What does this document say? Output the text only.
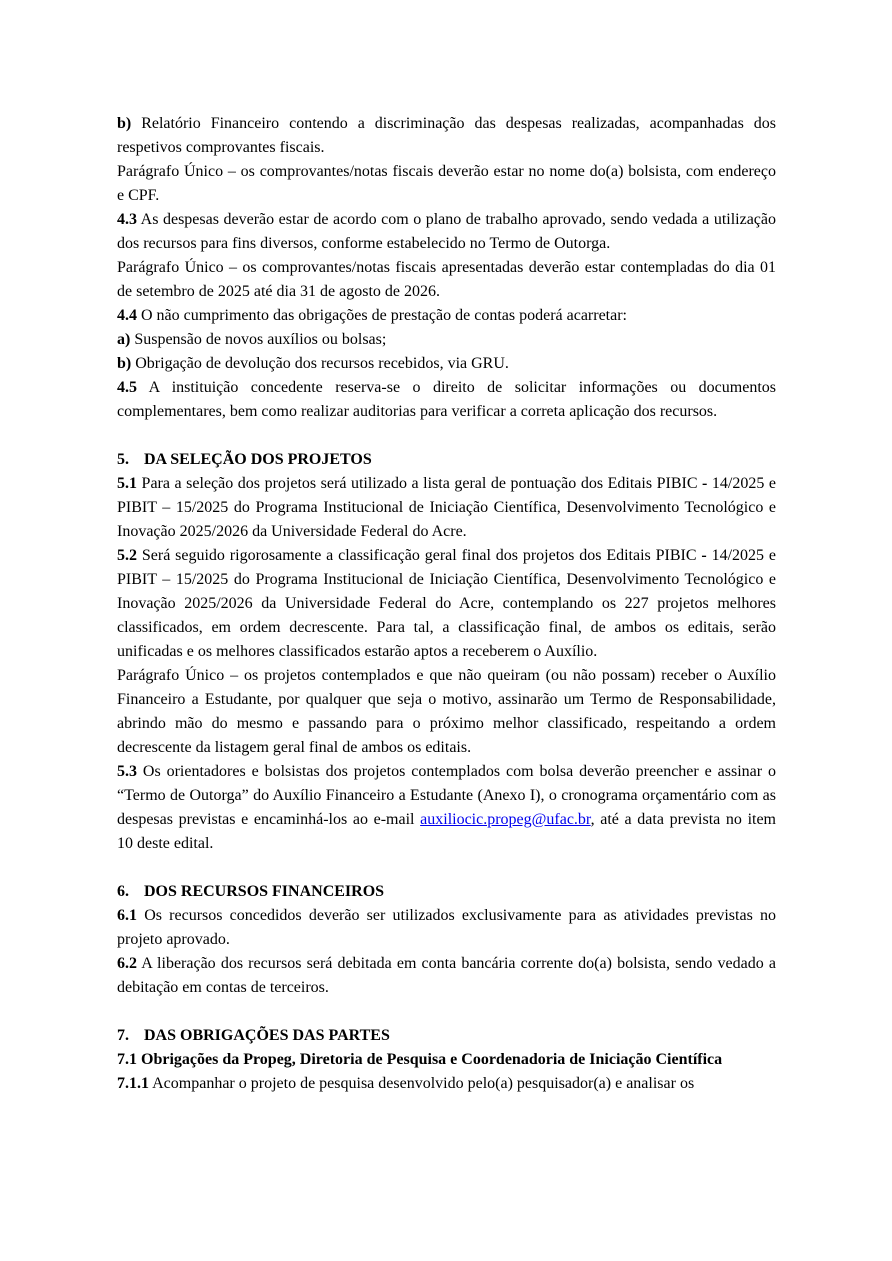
b) Relatório Financeiro contendo a discriminação das despesas realizadas, acompanhadas dos respetivos comprovantes fiscais.

Parágrafo Único – os comprovantes/notas fiscais deverão estar no nome do(a) bolsista, com endereço e CPF.

4.3 As despesas deverão estar de acordo com o plano de trabalho aprovado, sendo vedada a utilização dos recursos para fins diversos, conforme estabelecido no Termo de Outorga.

Parágrafo Único – os comprovantes/notas fiscais apresentadas deverão estar contempladas do dia 01 de setembro de 2025 até dia 31 de agosto de 2026.

4.4 O não cumprimento das obrigações de prestação de contas poderá acarretar:

a) Suspensão de novos auxílios ou bolsas;

b) Obrigação de devolução dos recursos recebidos, via GRU.

4.5 A instituição concedente reserva-se o direito de solicitar informações ou documentos complementares, bem como realizar auditorias para verificar a correta aplicação dos recursos.

5. DA SELEÇÃO DOS PROJETOS

5.1 Para a seleção dos projetos será utilizado a lista geral de pontuação dos Editais PIBIC - 14/2025 e PIBIT – 15/2025 do Programa Institucional de Iniciação Científica, Desenvolvimento Tecnológico e Inovação 2025/2026 da Universidade Federal do Acre.

5.2 Será seguido rigorosamente a classificação geral final dos projetos dos Editais PIBIC - 14/2025 e PIBIT – 15/2025 do Programa Institucional de Iniciação Científica, Desenvolvimento Tecnológico e Inovação 2025/2026 da Universidade Federal do Acre, contemplando os 227 projetos melhores classificados, em ordem decrescente. Para tal, a classificação final, de ambos os editais, serão unificadas e os melhores classificados estarão aptos a receberem o Auxílio.

Parágrafo Único – os projetos contemplados e que não queiram (ou não possam) receber o Auxílio Financeiro a Estudante, por qualquer que seja o motivo, assinarão um Termo de Responsabilidade, abrindo mão do mesmo e passando para o próximo melhor classificado, respeitando a ordem decrescente da listagem geral final de ambos os editais.

5.3 Os orientadores e bolsistas dos projetos contemplados com bolsa deverão preencher e assinar o “Termo de Outorga” do Auxílio Financeiro a Estudante (Anexo I), o cronograma orçamentário com as despesas previstas e encaminhá-los ao e-mail auxiliocic.propeg@ufac.br, até a data prevista no item 10 deste edital.

6. DOS RECURSOS FINANCEIROS

6.1 Os recursos concedidos deverão ser utilizados exclusivamente para as atividades previstas no projeto aprovado.

6.2 A liberação dos recursos será debitada em conta bancária corrente do(a) bolsista, sendo vedado a debitação em contas de terceiros.

7. DAS OBRIGAÇÕES DAS PARTES

7.1 Obrigações da Propeg, Diretoria de Pesquisa e Coordenadoria de Iniciação Científica

7.1.1 Acompanhar o projeto de pesquisa desenvolvido pelo(a) pesquisador(a) e analisar os
